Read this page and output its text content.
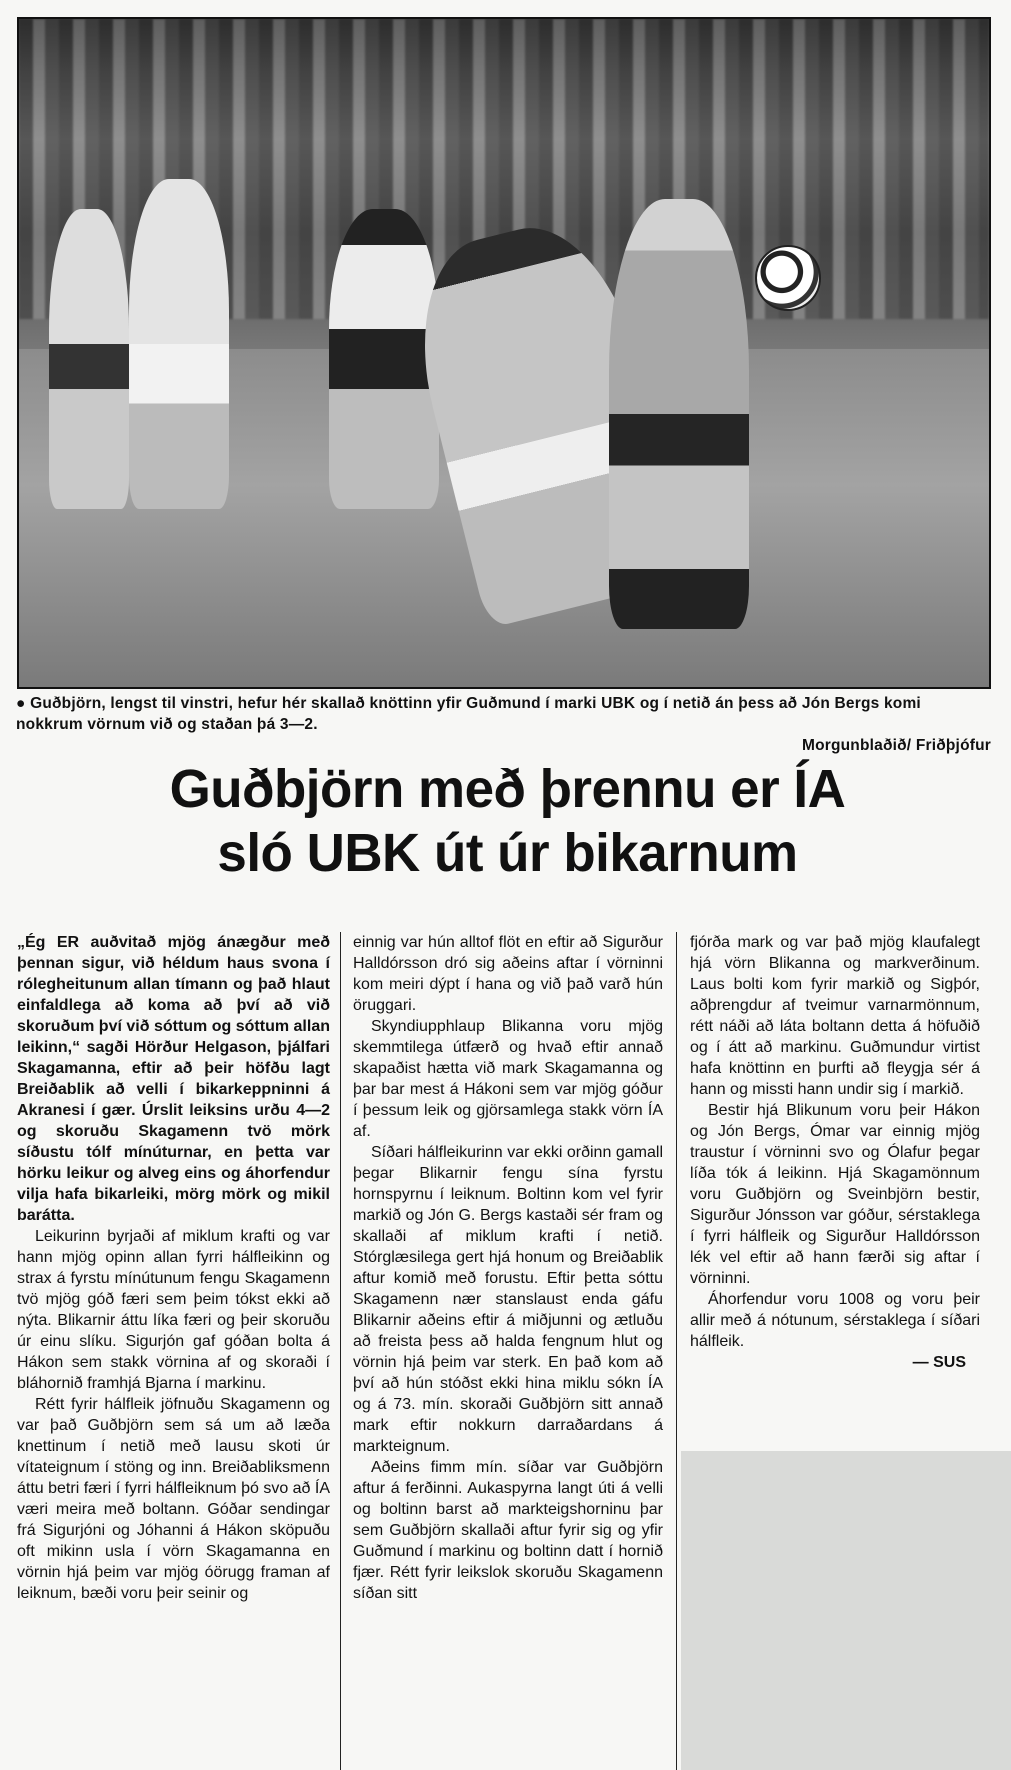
● Guðbjörn, lengst til vinstri, hefur hér skallað knöttinn yfir Guðmund í marki UBK og í netið án þess að Jón Bergs komi nokkrum vörnum við og staðan þá 3—2.
Morgunblaðið/ Friðþjófur
Guðbjörn með þrennu er ÍA
sló UBK út úr bikarnum

„Ég ER auðvitað mjög ánægður með þennan sigur, við héldum haus svona í rólegheitunum allan tímann og það hlaut einfaldlega að koma að því að við skoruðum því við sóttum og sóttum allan leikinn,“ sagði Hörður Helgason, þjálfari Skagamanna, eftir að þeir höfðu lagt Breiðablik að velli í bikarkeppninni á Akranesi í gær. Úrslit leiksins urðu 4—2 og skoruðu Skagamenn tvö mörk síðustu tólf mínúturnar, en þetta var hörku leikur og alveg eins og áhorfendur vilja hafa bikarleiki, mörg mörk og mikil barátta.

Leikurinn byrjaði af miklum krafti og var hann mjög opinn allan fyrri hálfleikinn og strax á fyrstu mínútunum fengu Skagamenn tvö mjög góð færi sem þeim tókst ekki að nýta. Blikarnir áttu líka færi og þeir skoruðu úr einu slíku. Sigurjón gaf góðan bolta á Hákon sem stakk vörnina af og skoraði í bláhornið framhjá Bjarna í markinu.

Rétt fyrir hálfleik jöfnuðu Skagamenn og var það Guðbjörn sem sá um að læða knettinum í netið með lausu skoti úr vítateignum í stöng og inn. Breiðabliksmenn áttu betri færi í fyrri hálfleiknum þó svo að ÍA væri meira með boltann. Góðar sendingar frá Sigurjóni og Jóhanni á Hákon sköpuðu oft mikinn usla í vörn Skagamanna en vörnin hjá þeim var mjög óörugg framan af leiknum, bæði voru þeir seinir og

einnig var hún alltof flöt en eftir að Sigurður Halldórsson dró sig aðeins aftar í vörninni kom meiri dýpt í hana og við það varð hún öruggari.

Skyndiupphlaup Blikanna voru mjög skemmtilega útfærð og hvað eftir annað skapaðist hætta við mark Skagamanna og þar bar mest á Hákoni sem var mjög góður í þessum leik og gjörsamlega stakk vörn ÍA af.

Síðari hálfleikurinn var ekki orðinn gamall þegar Blikarnir fengu sína fyrstu hornspyrnu í leiknum. Boltinn kom vel fyrir markið og Jón G. Bergs kastaði sér fram og skallaði af miklum krafti í netið. Stórglæsilega gert hjá honum og Breiðablik aftur komið með forustu. Eftir þetta sóttu Skagamenn nær stanslaust enda gáfu Blikarnir aðeins eftir á miðjunni og ætluðu að freista þess að halda fengnum hlut og vörnin hjá þeim var sterk. En það kom að því að hún stóðst ekki hina miklu sókn ÍA og á 73. mín. skoraði Guðbjörn sitt annað mark eftir nokkurn darraðardans á markteignum.

Aðeins fimm mín. síðar var Guðbjörn aftur á ferðinni. Aukaspyrna langt úti á velli og boltinn barst að markteigshorninu þar sem Guðbjörn skallaði aftur fyrir sig og yfir Guðmund í markinu og boltinn datt í hornið fjær. Rétt fyrir leikslok skoruðu Skagamenn síðan sitt

fjórða mark og var það mjög klaufalegt hjá vörn Blikanna og markverðinum. Laus bolti kom fyrir markið og Sigþór, aðþrengdur af tveimur varnarmönnum, rétt náði að láta boltann detta á höfuðið og í átt að markinu. Guðmundur virtist hafa knöttinn en þurfti að fleygja sér á hann og missti hann undir sig í markið.

Bestir hjá Blikunum voru þeir Hákon og Jón Bergs, Ómar var einnig mjög traustur í vörninni svo og Ólafur þegar líða tók á leikinn. Hjá Skagamönnum voru Guðbjörn og Sveinbjörn bestir, Sigurður Jónsson var góður, sérstaklega í fyrri hálfleik og Sigurður Halldórsson lék vel eftir að hann færði sig aftar í vörninni.

Áhorfendur voru 1008 og voru þeir allir með á nótunum, sérstaklega í síðari hálfleik.

— SUS
